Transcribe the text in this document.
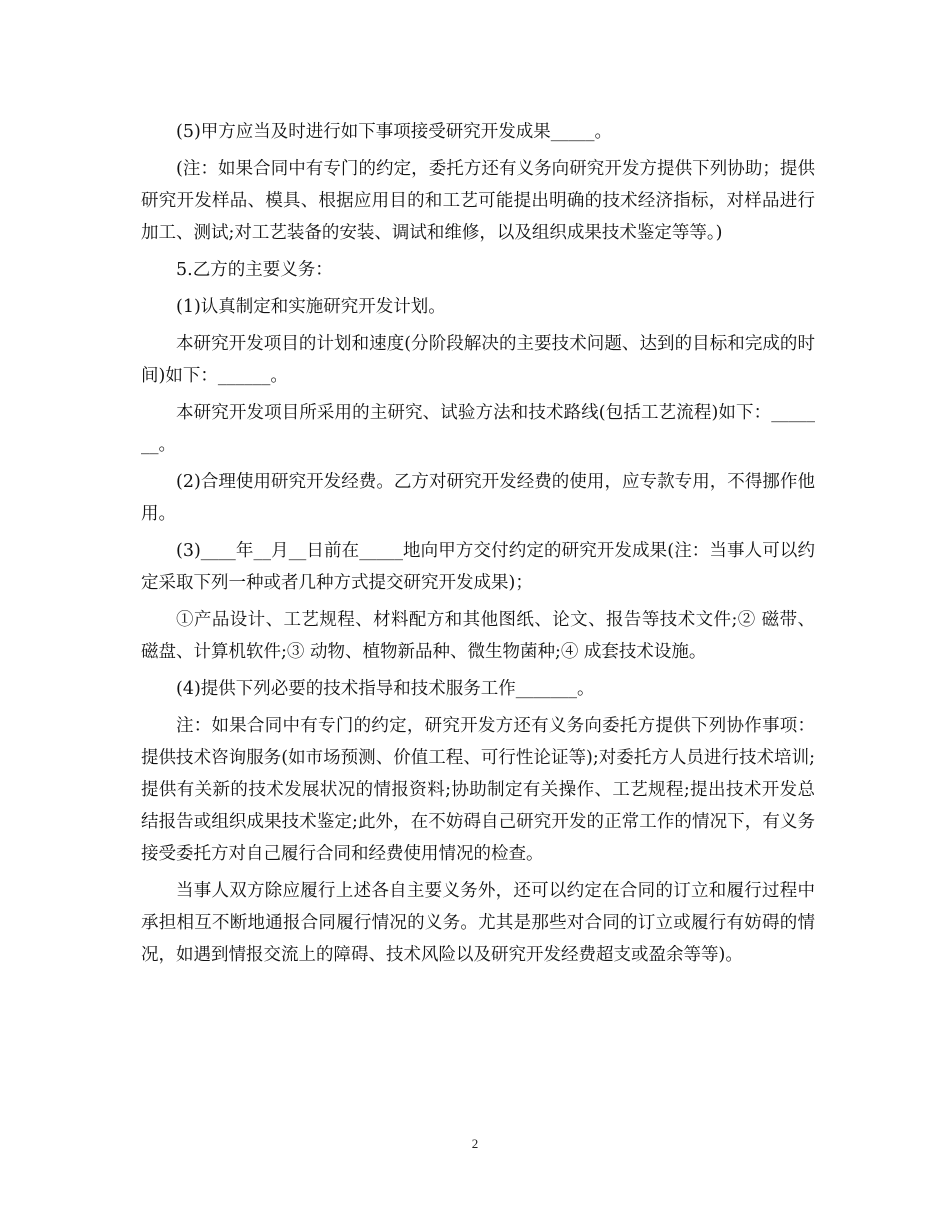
(5)甲方应当及时进行如下事项接受研究开发成果_____。

(注：如果合同中有专门的约定，委托方还有义务向研究开发方提供下列协助；提供研究开发样品、模具、根据应用目的和工艺可能提出明确的技术经济指标，对样品进行加工、测试;对工艺装备的安装、调试和维修，以及组织成果技术鉴定等等。)

5.乙方的主要义务：

(1)认真制定和实施研究开发计划。

本研究开发项目的计划和速度(分阶段解决的主要技术问题、达到的目标和完成的时间)如下：______。

本研究开发项目所采用的主研究、试验方法和技术路线(包括工艺流程)如下：_______。

(2)合理使用研究开发经费。乙方对研究开发经费的使用，应专款专用，不得挪作他用。

(3)____年__月__日前在_____地向甲方交付约定的研究开发成果(注：当事人可以约定采取下列一种或者几种方式提交研究开发成果)；

①产品设计、工艺规程、材料配方和其他图纸、论文、报告等技术文件;② 磁带、磁盘、计算机软件;③ 动物、植物新品种、微生物菌种;④ 成套技术设施。

(4)提供下列必要的技术指导和技术服务工作_______。

注：如果合同中有专门的约定，研究开发方还有义务向委托方提供下列协作事项：提供技术咨询服务(如市场预测、价值工程、可行性论证等);对委托方人员进行技术培训;提供有关新的技术发展状况的情报资料;协助制定有关操作、工艺规程;提出技术开发总结报告或组织成果技术鉴定;此外，在不妨碍自己研究开发的正常工作的情况下，有义务接受委托方对自己履行合同和经费使用情况的检查。

当事人双方除应履行上述各自主要义务外，还可以约定在合同的订立和履行过程中承担相互不断地通报合同履行情况的义务。尤其是那些对合同的订立或履行有妨碍的情况，如遇到情报交流上的障碍、技术风险以及研究开发经费超支或盈余等等)。

2
